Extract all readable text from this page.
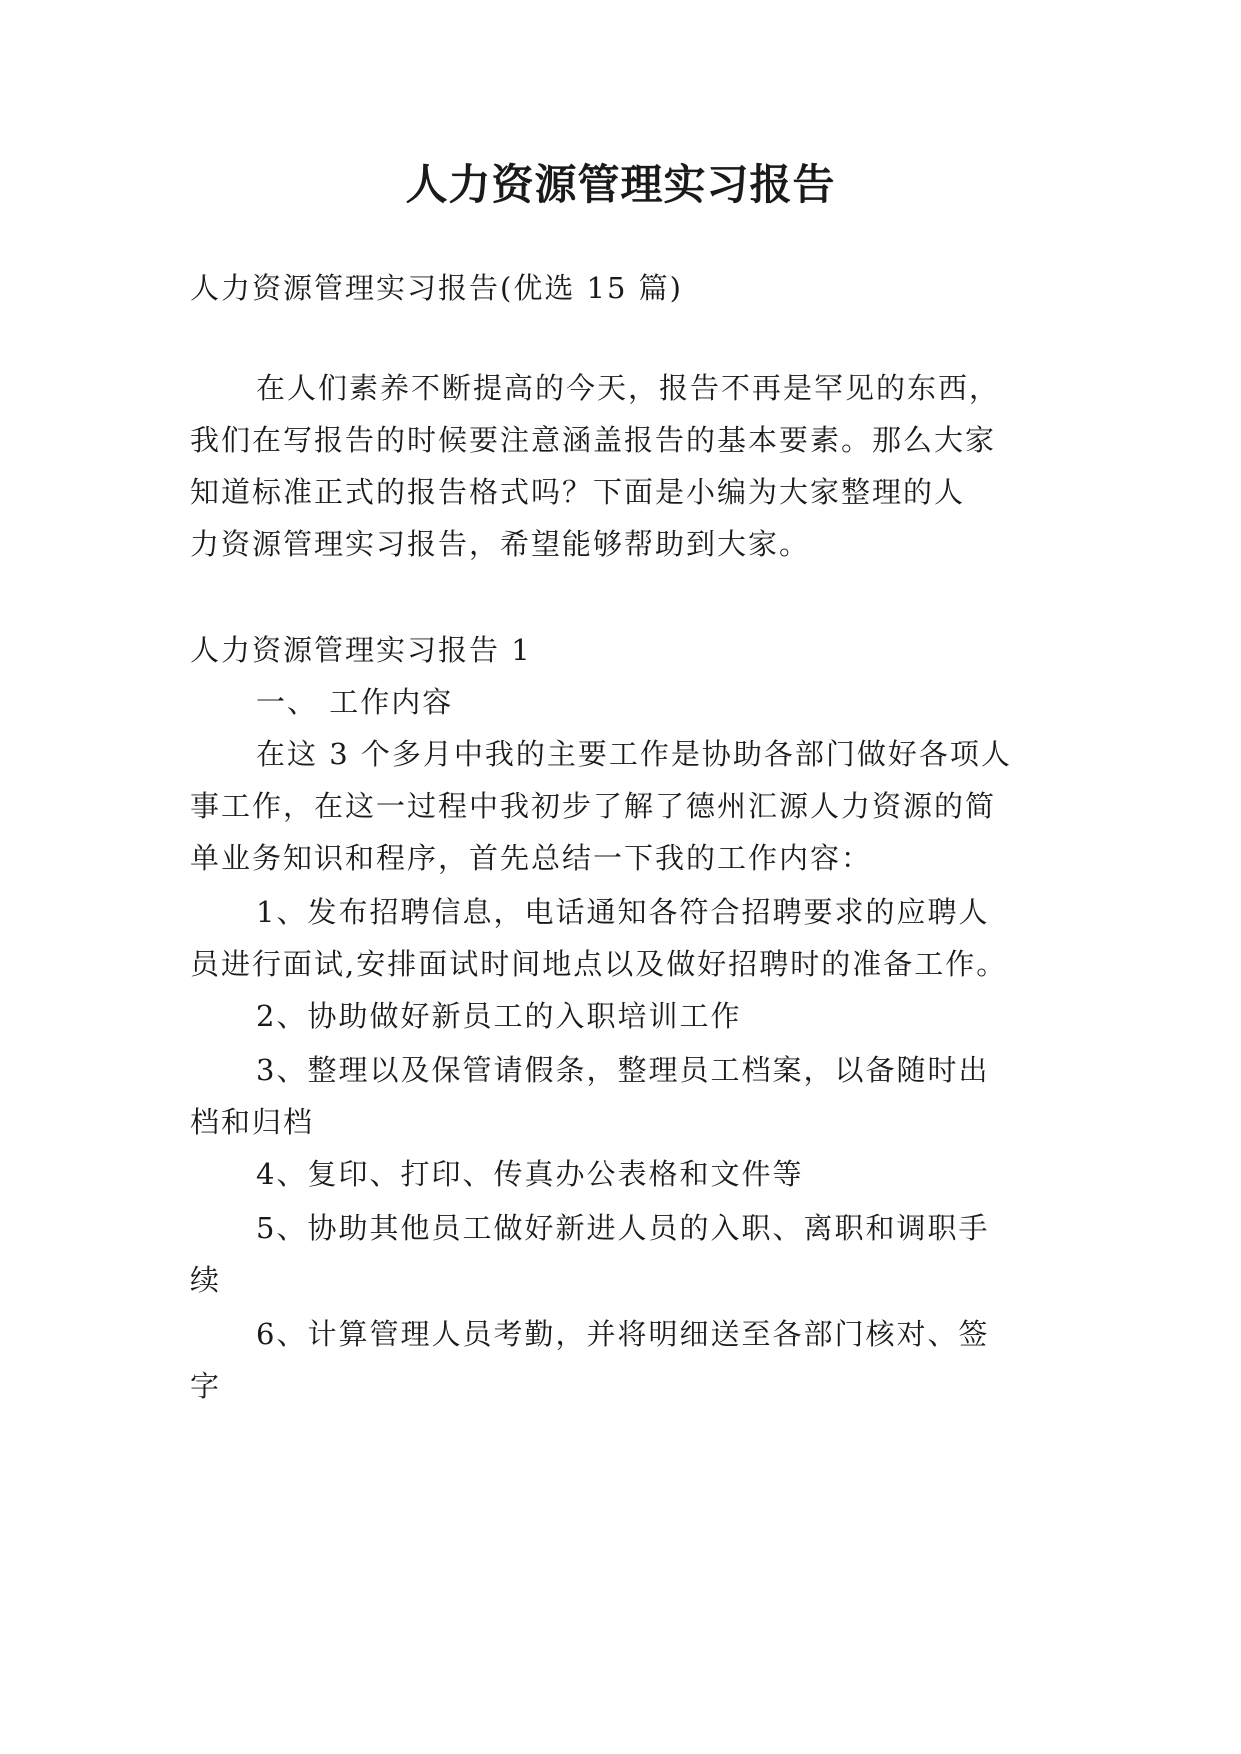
人力资源管理实习报告
人力资源管理实习报告(优选 15 篇)
在人们素养不断提高的今天，报告不再是罕见的东西，
我们在写报告的时候要注意涵盖报告的基本要素。那么大家
知道标准正式的报告格式吗？下面是小编为大家整理的人
力资源管理实习报告，希望能够帮助到大家。
人力资源管理实习报告 1
一、 工作内容
在这 3 个多月中我的主要工作是协助各部门做好各项人
事工作，在这一过程中我初步了解了德州汇源人力资源的简
单业务知识和程序，首先总结一下我的工作内容：
1、发布招聘信息，电话通知各符合招聘要求的应聘人
员进行面试,安排面试时间地点以及做好招聘时的准备工作。
2、协助做好新员工的入职培训工作
3、整理以及保管请假条，整理员工档案，以备随时出
档和归档
4、复印、打印、传真办公表格和文件等
5、协助其他员工做好新进人员的入职、离职和调职手
续
6、计算管理人员考勤，并将明细送至各部门核对、签
字
